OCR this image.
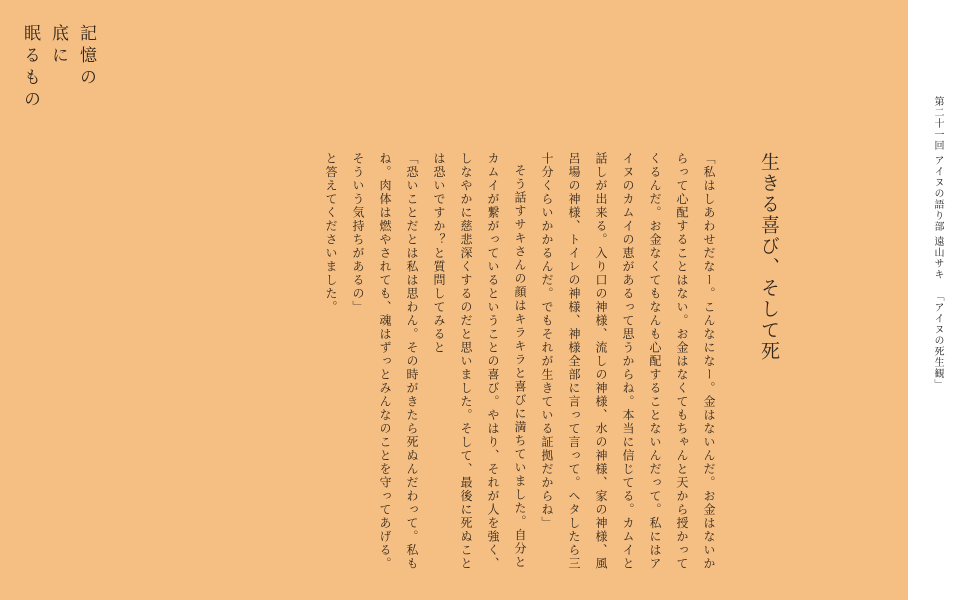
記憶の
底に
眠るもの
生きる喜び、そして死

「私はしあわせだなー。こんなになー。金はないんだ。お金はないからって心配することはない。お金はなくてもちゃんと天から授かってくるんだ。お金なくてもなんも心配することないんだって。私にはアイヌのカムイの恵があるって思うからね。本当に信じてる。カムイと話しが出来る。入り口の神様、流しの神様、水の神様、家の神様、風呂場の神様、トイレの神様、神様全部に言って言って。ヘタしたら三十分くらいかかるんだ。でもそれが生きている証拠だからね」

そう話すサキさんの顔はキラキラと喜びに満ちていました。自分とカムイが繋がっているということの喜び。やはり、それが人を強く、しなやかに慈悲深くするのだと思いました。そして、最後に死ぬことは恐いですか？と質問してみると

「恐いことだとは私は思わん。その時がきたら死ぬんだわって。私もね。肉体は燃やされても、魂はずっとみんなのことを守ってあげる。そういう気持ちがあるの」

と答えてくださいました。	第二十一回 アイヌの語り部 遠山サキ 「アイヌの死生観」
